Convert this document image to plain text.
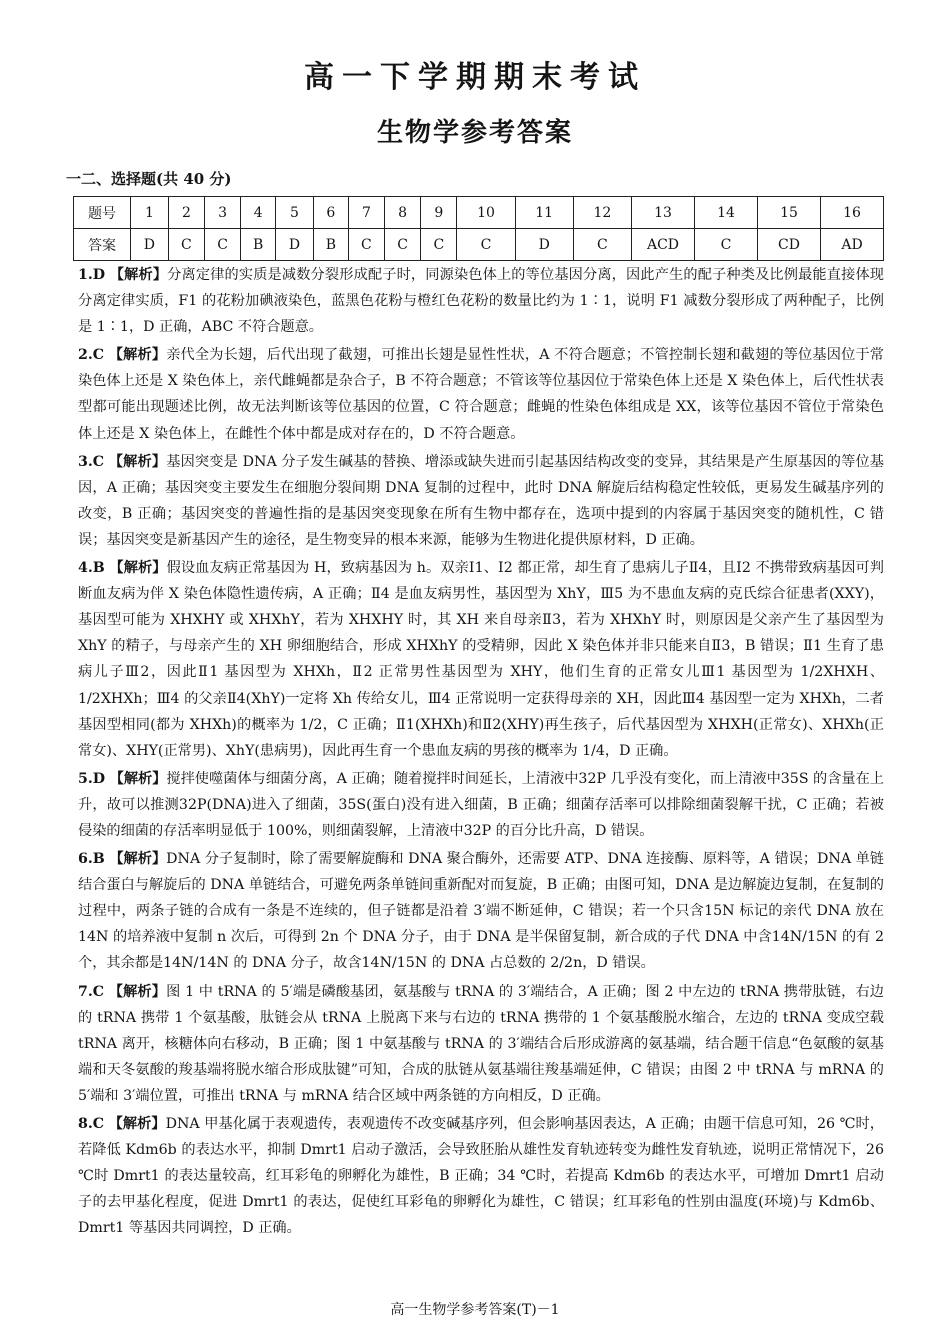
高一下学期期末考试
生物学参考答案
一二、选择题(共 40 分)
题号	1	2	3	4	5	6	7	8	9	10	11	12	13	14	15	16
答案	D	C	C	B	D	B	C	C	C	C	D	C	ACD	C	CD	AD

1.D 【解析】分离定律的实质是减数分裂形成配子时，同源染色体上的等位基因分离，因此产生的配子种类及比例最能直接体现分离定律实质，F1 的花粉加碘液染色，蓝黑色花粉与橙红色花粉的数量比约为 1∶1，说明 F1 减数分裂形成了两种配子，比例是 1∶1，D 正确，ABC 不符合题意。

2.C 【解析】亲代全为长翅，后代出现了截翅，可推出长翅是显性性状，A 不符合题意；不管控制长翅和截翅的等位基因位于常染色体上还是 X 染色体上，亲代雌蝇都是杂合子，B 不符合题意；不管该等位基因位于常染色体上还是 X 染色体上，后代性状表型都可能出现题述比例，故无法判断该等位基因的位置，C 符合题意；雌蝇的性染色体组成是 XX，该等位基因不管位于常染色体上还是 X 染色体上，在雌性个体中都是成对存在的，D 不符合题意。

3.C 【解析】基因突变是 DNA 分子发生碱基的替换、增添或缺失进而引起基因结构改变的变异，其结果是产生原基因的等位基因，A 正确；基因突变主要发生在细胞分裂间期 DNA 复制的过程中，此时 DNA 解旋后结构稳定性较低，更易发生碱基序列的改变，B 正确；基因突变的普遍性指的是基因突变现象在所有生物中都存在，选项中提到的内容属于基因突变的随机性，C 错误；基因突变是新基因产生的途径，是生物变异的根本来源，能够为生物进化提供原材料，D 正确。

4.B 【解析】假设血友病正常基因为 H，致病基因为 h。双亲Ⅰ1、Ⅰ2 都正常，却生育了患病儿子Ⅱ4，且Ⅰ2 不携带致病基因可判断血友病为伴 X 染色体隐性遗传病，A 正确；Ⅱ4 是血友病男性，基因型为 XhY，Ⅲ5 为不患血友病的克氏综合征患者(XXY)，基因型可能为 XHXHY 或 XHXhY，若为 XHXHY 时，其 XH 来自母亲Ⅱ3，若为 XHXhY 时，则原因是父亲产生了基因型为 XhY 的精子，与母亲产生的 XH 卵细胞结合，形成 XHXhY 的受精卵，因此 X 染色体并非只能来自Ⅱ3，B 错误；Ⅱ1 生育了患病儿子Ⅲ2，因此Ⅱ1 基因型为 XHXh，Ⅱ2 正常男性基因型为 XHY，他们生育的正常女儿Ⅲ1 基因型为 1/2XHXH、1/2XHXh；Ⅲ4 的父亲Ⅱ4(XhY)一定将 Xh 传给女儿，Ⅲ4 正常说明一定获得母亲的 XH，因此Ⅲ4 基因型一定为 XHXh，二者基因型相同(都为 XHXh)的概率为 1/2，C 正确；Ⅱ1(XHXh)和Ⅱ2(XHY)再生孩子，后代基因型为 XHXH(正常女)、XHXh(正常女)、XHY(正常男)、XhY(患病男)，因此再生育一个患血友病的男孩的概率为 1/4，D 正确。

5.D 【解析】搅拌使噬菌体与细菌分离，A 正确；随着搅拌时间延长，上清液中32P 几乎没有变化，而上清液中35S 的含量在上升，故可以推测32P(DNA)进入了细菌，35S(蛋白)没有进入细菌，B 正确；细菌存活率可以排除细菌裂解干扰，C 正确；若被侵染的细菌的存活率明显低于 100%，则细菌裂解，上清液中32P 的百分比升高，D 错误。

6.B 【解析】DNA 分子复制时，除了需要解旋酶和 DNA 聚合酶外，还需要 ATP、DNA 连接酶、原料等，A 错误；DNA 单链结合蛋白与解旋后的 DNA 单链结合，可避免两条单链间重新配对而复旋，B 正确；由图可知，DNA 是边解旋边复制，在复制的过程中，两条子链的合成有一条是不连续的，但子链都是沿着 3′端不断延伸，C 错误；若一个只含15N 标记的亲代 DNA 放在14N 的培养液中复制 n 次后，可得到 2n 个 DNA 分子，由于 DNA 是半保留复制，新合成的子代 DNA 中含14N/15N 的有 2 个，其余都是14N/14N 的 DNA 分子，故含14N/15N 的 DNA 占总数的 2/2n，D 错误。

7.C 【解析】图 1 中 tRNA 的 5′端是磷酸基团，氨基酸与 tRNA 的 3′端结合，A 正确；图 2 中左边的 tRNA 携带肽链，右边的 tRNA 携带 1 个氨基酸，肽链会从 tRNA 上脱离下来与右边的 tRNA 携带的 1 个氨基酸脱水缩合，左边的 tRNA 变成空载 tRNA 离开，核糖体向右移动，B 正确；图 1 中氨基酸与 tRNA 的 3′端结合后形成游离的氨基端，结合题干信息“色氨酸的氨基端和天冬氨酸的羧基端将脱水缩合形成肽键”可知，合成的肽链从氨基端往羧基端延伸，C 错误；由图 2 中 tRNA 与 mRNA 的 5′端和 3′端位置，可推出 tRNA 与 mRNA 结合区域中两条链的方向相反，D 正确。

8.C 【解析】DNA 甲基化属于表观遗传，表观遗传不改变碱基序列，但会影响基因表达，A 正确；由题干信息可知，26 ℃时，若降低 Kdm6b 的表达水平，抑制 Dmrt1 启动子激活，会导致胚胎从雄性发育轨迹转变为雌性发育轨迹，说明正常情况下，26 ℃时 Dmrt1 的表达量较高，红耳彩龟的卵孵化为雄性，B 正确；34 ℃时，若提高 Kdm6b 的表达水平，可增加 Dmrt1 启动子的去甲基化程度，促进 Dmrt1 的表达，促使红耳彩龟的卵孵化为雄性，C 错误；红耳彩龟的性别由温度(环境)与 Kdm6b、Dmrt1 等基因共同调控，D 正确。

高一生物学参考答案(T)－1
